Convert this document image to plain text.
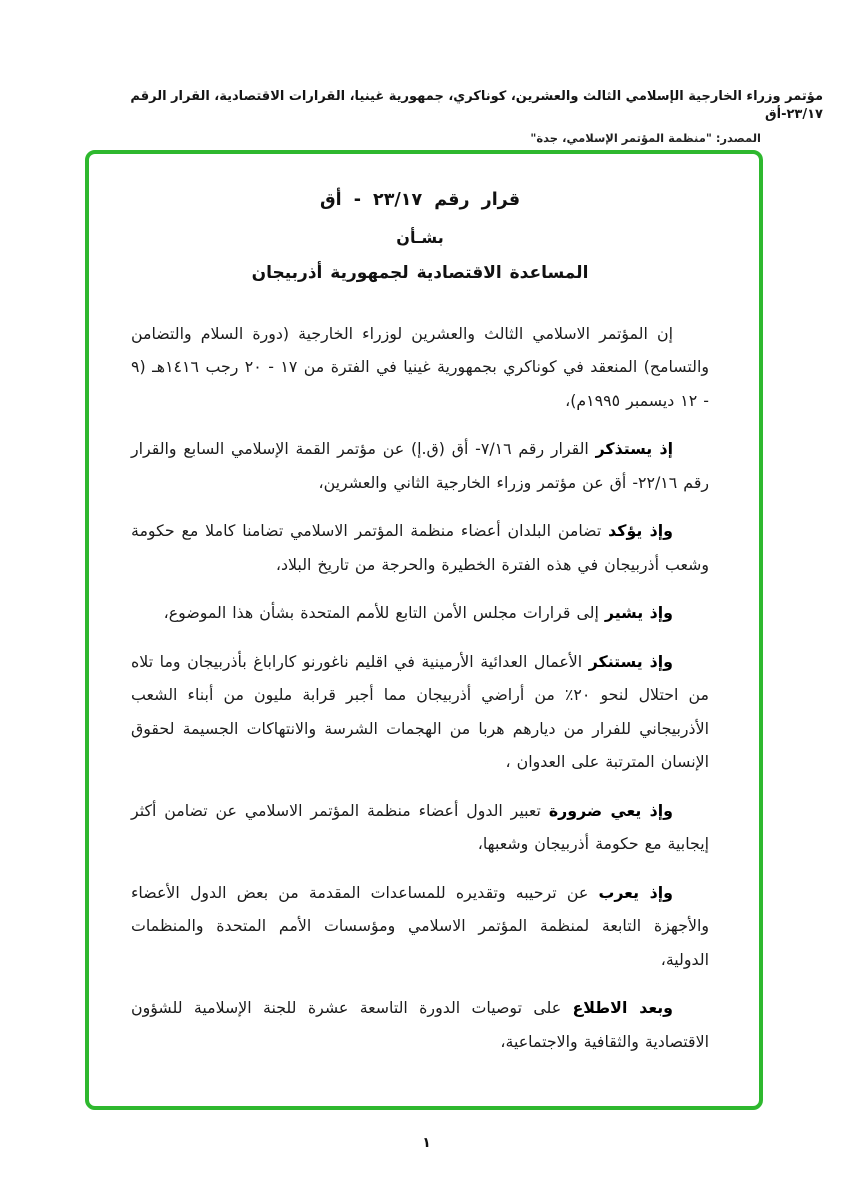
مؤتمر وزراء الخارجية الإسلامي الثالث والعشرين، كوناكري، جمهورية غينيا، القرارات الاقتصادية، القرار الرقم ٢٣/١٧-أق
المصدر: "منظمة المؤتمر الإسلامي، جدة"
قرار رقم ٢٣/١٧ - أق
بشـأن
المساعدة الاقتصادية لجمهورية أذربيجان
إن المؤتمر الاسلامي الثالث والعشرين لوزراء الخارجية (دورة السلام والتضامن والتسامح) المنعقد في كوناكري بجمهورية غينيا في الفترة من ١٧ - ٢٠ رجب ١٤١٦هـ (٩ - ١٢ ديسمبر ١٩٩٥م)،
إذ يستذكر القرار رقم ٧/١٦- أق (ق.إ) عن مؤتمر القمة الإسلامي السابع والقرار رقم ٢٢/١٦- أق عن مؤتمر وزراء الخارجية الثاني والعشرين،
وإذ يؤكد تضامن البلدان أعضاء منظمة المؤتمر الاسلامي تضامنا كاملا مع حكومة وشعب أذربيجان في هذه الفترة الخطيرة والحرجة من تاريخ البلاد،
وإذ يشير إلى قرارات مجلس الأمن التابع للأمم المتحدة بشأن هذا الموضوع،
وإذ يستنكر الأعمال العدائية الأرمينية في اقليم ناغورنو كاراباغ بأذربيجان وما تلاه من احتلال لنحو ٢٠٪ من أراضي أذربيجان مما أجبر قرابة مليون من أبناء الشعب الأذربيجاني للفرار من ديارهم هربا من الهجمات الشرسة والانتهاكات الجسيمة لحقوق الإنسان المترتبة على العدوان ،
وإذ يعي ضرورة تعبير الدول أعضاء منظمة المؤتمر الاسلامي عن تضامن أكثر إيجابية مع حكومة أذربيجان وشعبها،
وإذ يعرب عن ترحيبه وتقديره للمساعدات المقدمة من بعض الدول الأعضاء والأجهزة التابعة لمنظمة المؤتمر الاسلامي ومؤسسات الأمم المتحدة والمنظمات الدولية،
وبعد الاطلاع على توصيات الدورة التاسعة عشرة للجنة الإسلامية للشؤون الاقتصادية والثقافية والاجتماعية،
١
